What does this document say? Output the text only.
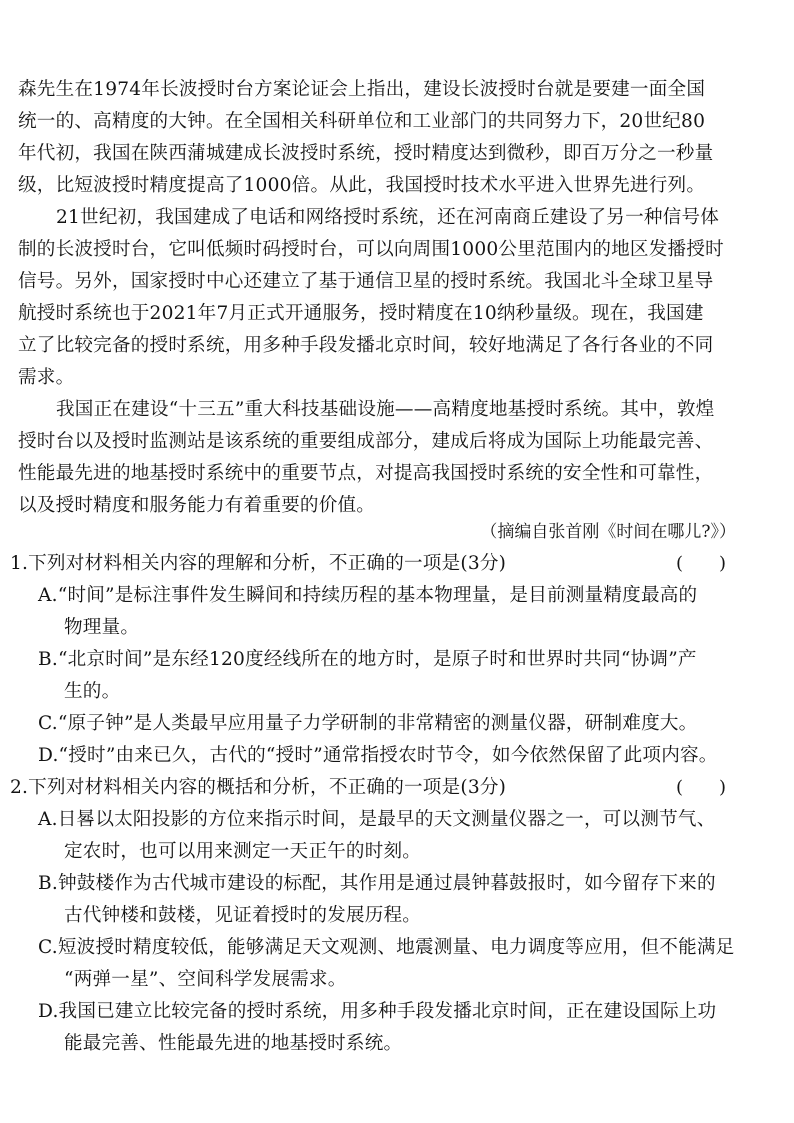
森先生在1974年长波授时台方案论证会上指出，建设长波授时台就是要建一面全国
统一的、高精度的大钟。在全国相关科研单位和工业部门的共同努力下，20世纪80
年代初，我国在陕西蒲城建成长波授时系统，授时精度达到微秒，即百万分之一秒量
级，比短波授时精度提高了1000倍。从此，我国授时技术水平进入世界先进行列。
21世纪初，我国建成了电话和网络授时系统，还在河南商丘建设了另一种信号体
制的长波授时台，它叫低频时码授时台，可以向周围1000公里范围内的地区发播授时
信号。另外，国家授时中心还建立了基于通信卫星的授时系统。我国北斗全球卫星导
航授时系统也于2021年7月正式开通服务，授时精度在10纳秒量级。现在，我国建
立了比较完备的授时系统，用多种手段发播北京时间，较好地满足了各行各业的不同
需求。
我国正在建设“十三五”重大科技基础设施——高精度地基授时系统。其中，敦煌
授时台以及授时监测站是该系统的重要组成部分，建成后将成为国际上功能最完善、
性能最先进的地基授时系统中的重要节点，对提高我国授时系统的安全性和可靠性，
以及授时精度和服务能力有着重要的价值。
（摘编自张首刚《时间在哪儿?》）
1.下列对材料相关内容的理解和分析，不正确的一项是(3分)	(　　)
A.“时间”是标注事件发生瞬间和持续历程的基本物理量，是目前测量精度最高的
物理量。
B.“北京时间”是东经120度经线所在的地方时，是原子时和世界时共同“协调”产
生的。
C.“原子钟”是人类最早应用量子力学研制的非常精密的测量仪器，研制难度大。
D.“授时”由来已久，古代的“授时”通常指授农时节令，如今依然保留了此项内容。
2.下列对材料相关内容的概括和分析，不正确的一项是(3分)	(　　)
A.日晷以太阳投影的方位来指示时间，是最早的天文测量仪器之一，可以测节气、
定农时，也可以用来测定一天正午的时刻。
B.钟鼓楼作为古代城市建设的标配，其作用是通过晨钟暮鼓报时，如今留存下来的
古代钟楼和鼓楼，见证着授时的发展历程。
C.短波授时精度较低，能够满足天文观测、地震测量、电力调度等应用，但不能满足
“两弹一星”、空间科学发展需求。
D.我国已建立比较完备的授时系统，用多种手段发播北京时间，正在建设国际上功
能最完善、性能最先进的地基授时系统。
